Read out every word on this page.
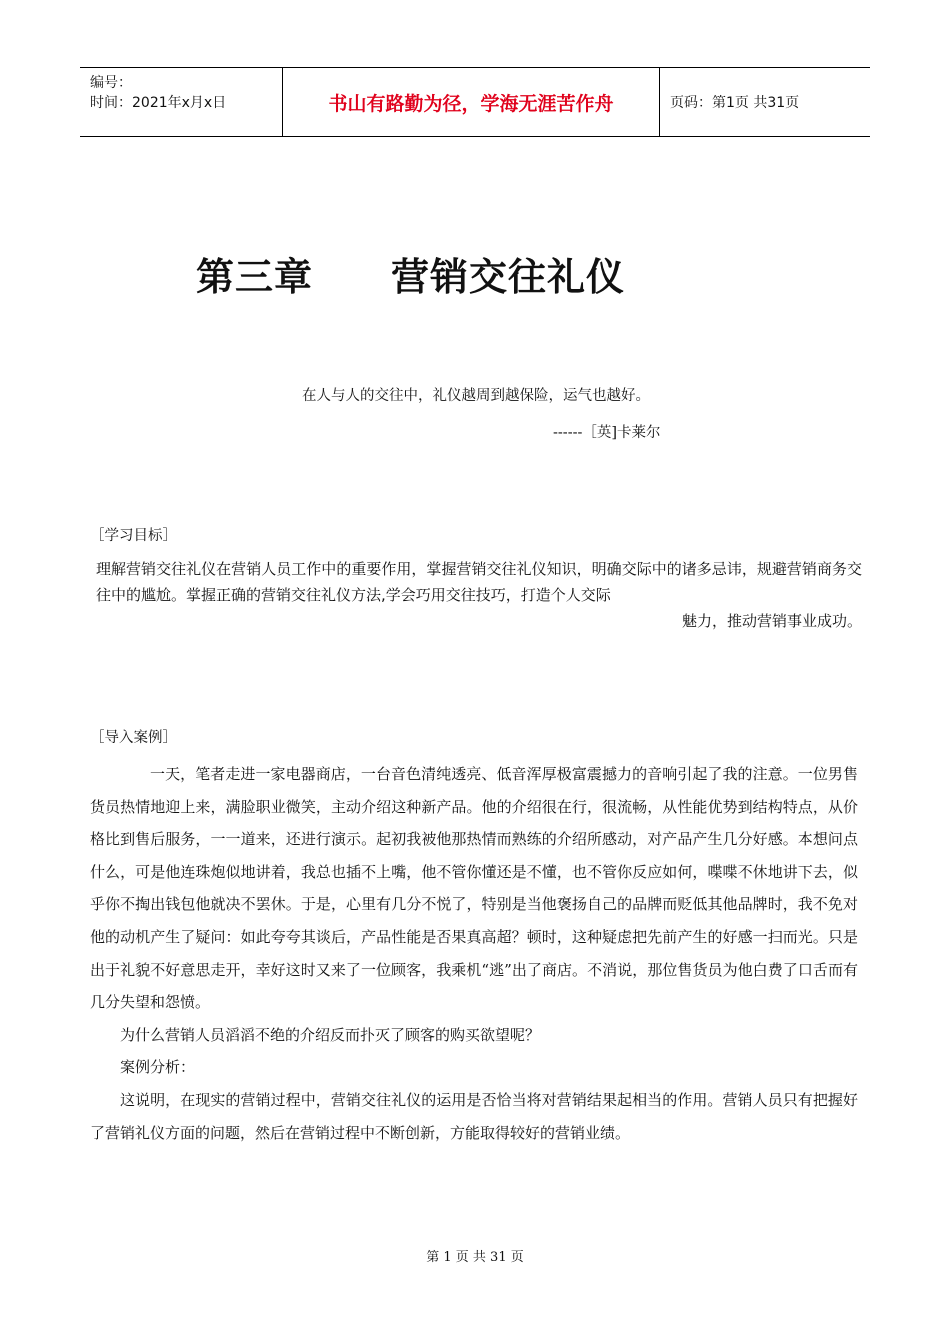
编号：
时间：2021年x月x日	书山有路勤为径，学海无涯苦作舟	页码：第1页 共31页
第三章 营销交往礼仪
在人与人的交往中，礼仪越周到越保险，运气也越好。
------［英]卡莱尔
［学习目标］
理解营销交往礼仪在营销人员工作中的重要作用，掌握营销交往礼仪知识，明确交际中的诸多忌讳，规避营销商务交往中的尴尬。掌握正确的营销交往礼仪方法,学会巧用交往技巧，打造个人交际
魅力，推动营销事业成功。
［导入案例］

一天，笔者走进一家电器商店，一台音色清纯透亮、低音浑厚极富震撼力的音响引起了我的注意。一位男售货员热情地迎上来，满脸职业微笑，主动介绍这种新产品。他的介绍很在行，很流畅，从性能优势到结构特点，从价格比到售后服务，一一道来，还进行演示。起初我被他那热情而熟练的介绍所感动，对产品产生几分好感。本想问点什么，可是他连珠炮似地讲着，我总也插不上嘴，他不管你懂还是不懂，也不管你反应如何，喋喋不休地讲下去，似乎你不掏出钱包他就决不罢休。于是，心里有几分不悦了，特别是当他褒扬自己的品牌而贬低其他品牌时，我不免对他的动机产生了疑问：如此夸夸其谈后，产品性能是否果真高超？顿时，这种疑虑把先前产生的好感一扫而光。只是出于礼貌不好意思走开，幸好这时又来了一位顾客，我乘机“逃”出了商店。不消说，那位售货员为他白费了口舌而有几分失望和怨愤。

为什么营销人员滔滔不绝的介绍反而扑灭了顾客的购买欲望呢？

案例分析：

这说明，在现实的营销过程中，营销交往礼仪的运用是否恰当将对营销结果起相当的作用。营销人员只有把握好了营销礼仪方面的问题，然后在营销过程中不断创新，方能取得较好的营销业绩。

第 1 页 共 31 页
